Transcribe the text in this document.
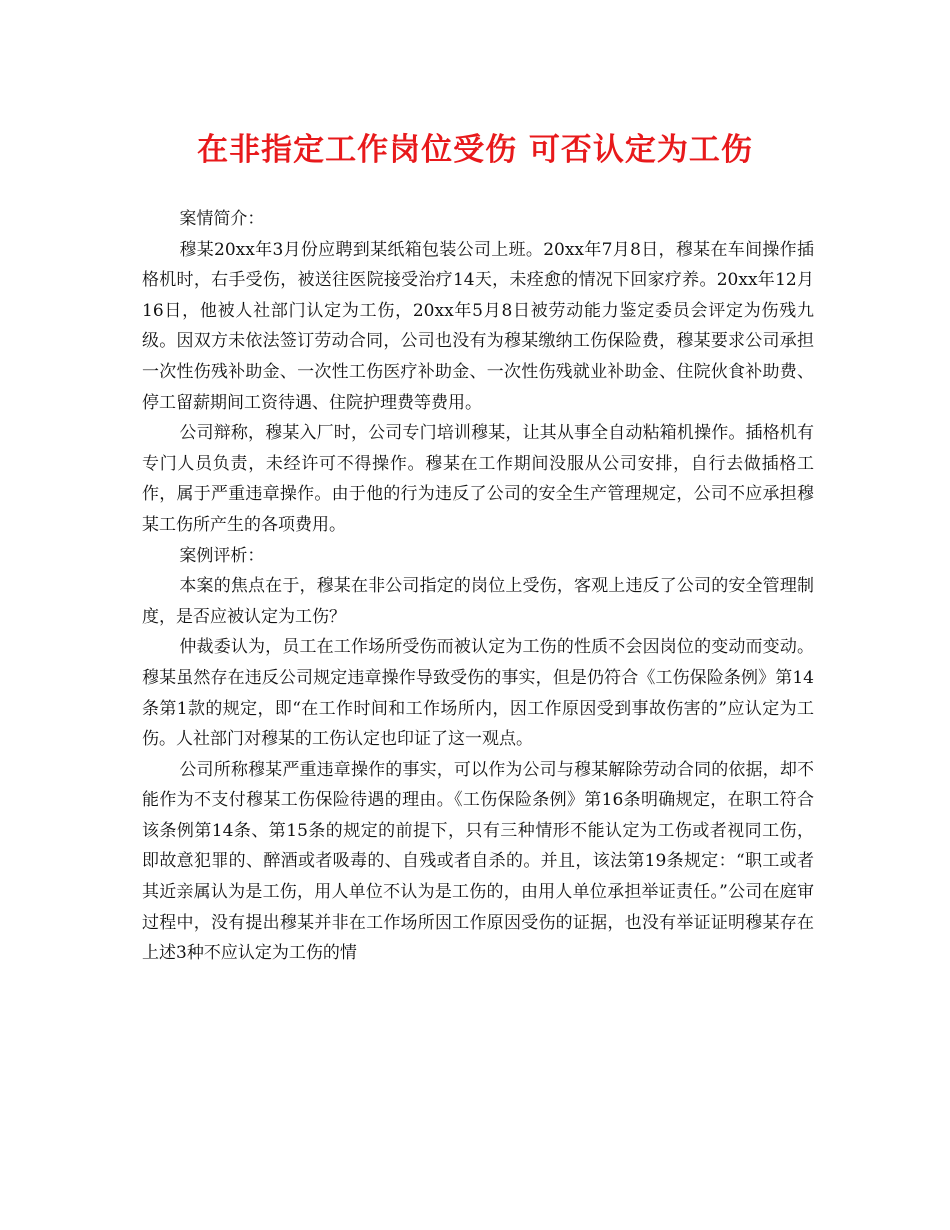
在非指定工作岗位受伤 可否认定为工伤

案情简介：

穆某20xx年3月份应聘到某纸箱包装公司上班。20xx年7月8日，穆某在车间操作插格机时，右手受伤，被送往医院接受治疗14天，未痊愈的情况下回家疗养。20xx年12月16日，他被人社部门认定为工伤，20xx年5月8日被劳动能力鉴定委员会评定为伤残九级。因双方未依法签订劳动合同，公司也没有为穆某缴纳工伤保险费，穆某要求公司承担一次性伤残补助金、一次性工伤医疗补助金、一次性伤残就业补助金、住院伙食补助费、停工留薪期间工资待遇、住院护理费等费用。

公司辩称，穆某入厂时，公司专门培训穆某，让其从事全自动粘箱机操作。插格机有专门人员负责，未经许可不得操作。穆某在工作期间没服从公司安排，自行去做插格工作，属于严重违章操作。由于他的行为违反了公司的安全生产管理规定，公司不应承担穆某工伤所产生的各项费用。

案例评析：

本案的焦点在于，穆某在非公司指定的岗位上受伤，客观上违反了公司的安全管理制度，是否应被认定为工伤？

仲裁委认为，员工在工作场所受伤而被认定为工伤的性质不会因岗位的变动而变动。穆某虽然存在违反公司规定违章操作导致受伤的事实，但是仍符合《工伤保险条例》第14条第1款的规定，即“在工作时间和工作场所内，因工作原因受到事故伤害的”应认定为工伤。人社部门对穆某的工伤认定也印证了这一观点。

公司所称穆某严重违章操作的事实，可以作为公司与穆某解除劳动合同的依据，却不能作为不支付穆某工伤保险待遇的理由。《工伤保险条例》第16条明确规定，在职工符合该条例第14条、第15条的规定的前提下，只有三种情形不能认定为工伤或者视同工伤，即故意犯罪的、醉酒或者吸毒的、自残或者自杀的。并且，该法第19条规定：“职工或者其近亲属认为是工伤，用人单位不认为是工伤的，由用人单位承担举证责任。”公司在庭审过程中，没有提出穆某并非在工作场所因工作原因受伤的证据，也没有举证证明穆某存在上述3种不应认定为工伤的情
